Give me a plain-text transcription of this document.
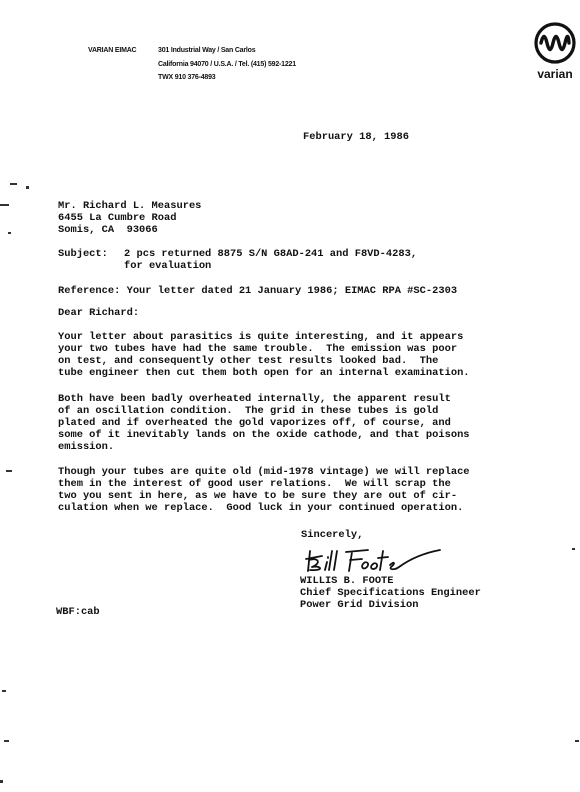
VARIAN EIMAC	301 Industrial Way / San Carlos
California 94070 / U.S.A. / Tel. (415) 592-1221
TWX 910 376-4893	varian
February 18, 1986
Mr. Richard L. Measures
6455 La Cumbre Road
Somis, CA  93066
Subject: 2 pcs returned 8875 S/N G8AD-241 and F8VD-4283,
for evaluation
Reference: Your letter dated 21 January 1986; EIMAC RPA #SC-2303
Dear Richard:
Your letter about parasitics is quite interesting, and it appears
your two tubes have had the same trouble.  The emission was poor
on test, and consequently other test results looked bad.  The
tube engineer then cut them both open for an internal examination.
Both have been badly overheated internally, the apparent result
of an oscillation condition.  The grid in these tubes is gold
plated and if overheated the gold vaporizes off, of course, and
some of it inevitably lands on the oxide cathode, and that poisons
emission.
Though your tubes are quite old (mid-1978 vintage) we will replace
them in the interest of good user relations.  We will scrap the
two you sent in here, as we have to be sure they are out of cir-
culation when we replace.  Good luck in your continued operation.
Sincerely,
WILLIS B. FOOTE
Chief Specifications Engineer
Power Grid Division
WBF:cab
